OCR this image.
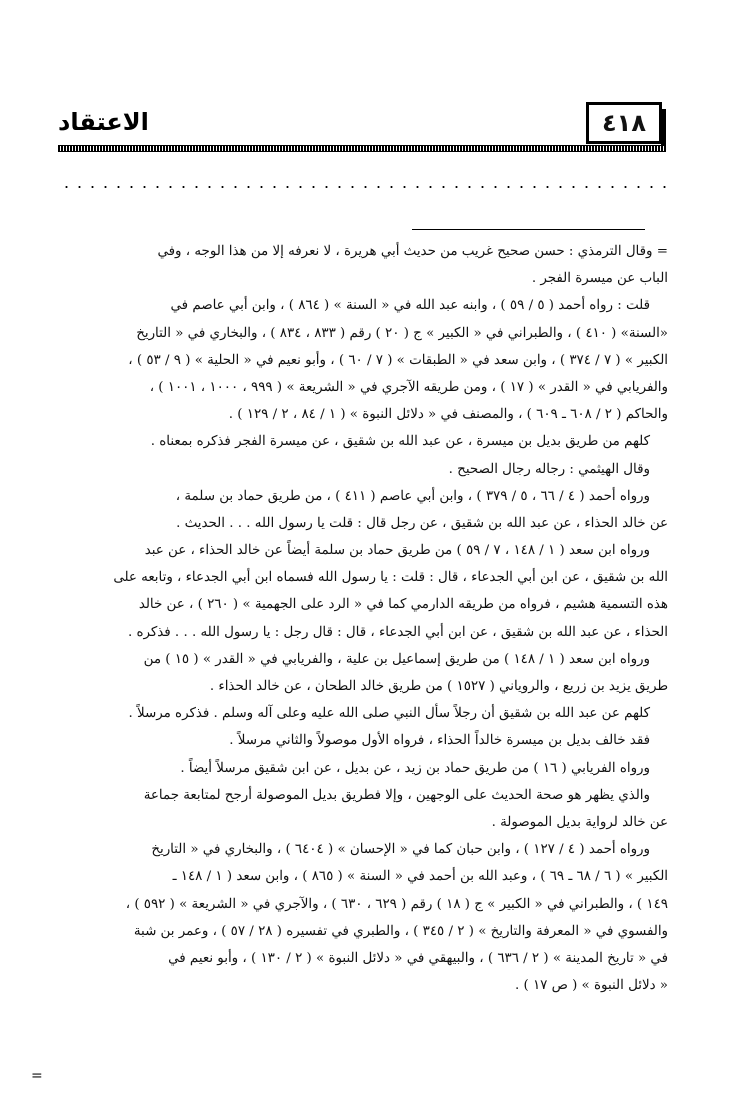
الاعتقاد	٤١٨
= وقال الترمذي : حسن صحيح غريب من حديث أبي هريرة ، لا نعرفه إلا من هذا الوجه ، وفي
الباب عن ميسرة الفجر .
قلت : رواه أحمد ( ٥ / ٥٩ ) ، وابنه عبد الله في « السنة » ( ٨٦٤ ) ، وابن أبي عاصم في
«السنة» ( ٤١٠ ) ، والطبراني في « الكبير » ج ( ٢٠ ) رقم ( ٨٣٣ ، ٨٣٤ ) ، والبخاري في « التاريخ
الكبير » ( ٧ / ٣٧٤ ) ، وابن سعد في « الطبقات » ( ٧ / ٦٠ ) ، وأبو نعيم في « الحلية » ( ٩ / ٥٣ ) ،
والفريابي في « القدر » ( ١٧ ) ، ومن طريقه الآجري في « الشريعة » ( ٩٩٩ ، ١٠٠٠ ، ١٠٠١ ) ،
والحاكم ( ٢ / ٦٠٨ ـ ٦٠٩ ) ، والمصنف في « دلائل النبوة » ( ١ / ٨٤ ، ٢ / ١٢٩ ) .
كلهم من طريق بديل بن ميسرة ، عن عبد الله بن شقيق ، عن ميسرة الفجر فذكره بمعناه .
وقال الهيثمي : رجاله رجال الصحيح .
ورواه أحمد ( ٤ / ٦٦ ، ٥ / ٣٧٩ ) ، وابن أبي عاصم ( ٤١١ ) ، من طريق حماد بن سلمة ،
عن خالد الحذاء ، عن عبد الله بن شقيق ، عن رجل قال : قلت يا رسول الله . . . الحديث .
ورواه ابن سعد ( ١ / ١٤٨ ، ٧ / ٥٩ ) من طريق حماد بن سلمة أيضاً عن خالد الحذاء ، عن عبد
الله بن شقيق ، عن ابن أبي الجدعاء ، قال : قلت : يا رسول الله فسماه ابن أبي الجدعاء ، وتابعه على
هذه التسمية هشيم ، فرواه من طريقه الدارمي كما في « الرد على الجهمية » ( ٢٦٠ ) ، عن خالد
الحذاء ، عن عبد الله بن شقيق ، عن ابن أبي الجدعاء ، قال : قال رجل : يا رسول الله . . . فذكره .
ورواه ابن سعد ( ١ / ١٤٨ ) من طريق إسماعيل بن علية ، والفريابي في « القدر » ( ١٥ ) من
طريق يزيد بن زريع ، والروياني ( ١٥٢٧ ) من طريق خالد الطحان ، عن خالد الحذاء .
كلهم عن عبد الله بن شقيق أن رجلاً سأل النبي صلى الله عليه وعلى آله وسلم . فذكره مرسلاً .
فقد خالف بديل بن ميسرة خالداً الحذاء ، فرواه الأول موصولاً والثاني مرسلاً .
ورواه الفريابي ( ١٦ ) من طريق حماد بن زيد ، عن بديل ، عن ابن شقيق مرسلاً أيضاً .
والذي يظهر هو صحة الحديث على الوجهين ، وإلا فطريق بديل الموصولة أرجح لمتابعة جماعة
عن خالد لرواية بديل الموصولة .
ورواه أحمد ( ٤ / ١٢٧ ) ، وابن حبان كما في « الإحسان » ( ٦٤٠٤ ) ، والبخاري في « التاريخ
الكبير » ( ٦ / ٦٨ ـ ٦٩ ) ، وعبد الله بن أحمد في « السنة » ( ٨٦٥ ) ، وابن سعد ( ١ / ١٤٨ ـ
١٤٩ ) ، والطبراني في « الكبير » ج ( ١٨ ) رقم ( ٦٢٩ ، ٦٣٠ ) ، والآجري في « الشريعة » ( ٥٩٢ ) ،
والفسوي في « المعرفة والتاريخ » ( ٢ / ٣٤٥ ) ، والطبري في تفسيره ( ٢٨ / ٥٧ ) ، وعمر بن شبة
في « تاريخ المدينة » ( ٢ / ٦٣٦ ) ، والبيهقي في « دلائل النبوة » ( ٢ / ١٣٠ ) ، وأبو نعيم في
« دلائل النبوة » ( ص ١٧ ) .
=
